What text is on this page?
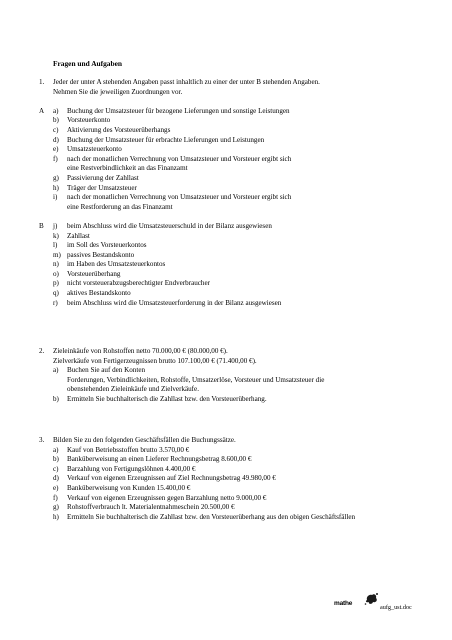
Fragen und Aufgaben
1.	Jeder der unter A stehenden Angaben passt inhaltlich zu einer der unter B stehenden Angaben.
Nehmen Sie die jeweiligen Zuordnungen vor.
A	a)	Buchung der Umsatzsteuer für bezogene Lieferungen und sonstige Leistungen
b)	Vorsteuerkonto
c)	Aktivierung des Vorsteuerüberhangs
d)	Buchung der Umsatzsteuer für erbrachte Lieferungen und Leistungen
e)	Umsatzsteuerkonto
f)	nach der monatlichen Verrechnung von Umsatzsteuer und Vorsteuer ergibt sich
eine Restverbindlichkeit an das Finanzamt
g)	Passivierung der Zahllast
h)	Träger der Umsatzsteuer
i)	nach der monatlichen Verrechnung von Umsatzsteuer und Vorsteuer ergibt sich
eine Restforderung an das Finanzamt
B	j)	beim Abschluss wird die Umsatzsteuerschuld in der Bilanz ausgewiesen
k)	Zahllast
l)	im Soll des Vorsteuerkontos
m) passives Bestandskonto
n)	im Haben des Umsatzsteuerkontos
o)	Vorsteuerüberhang
p)	nicht vorsteuerabzugsberechtigter Endverbraucher
q)	aktives Bestandskonto
r)	beim Abschluss wird die Umsatzsteuerforderung in der Bilanz ausgewiesen
2.	Zieleinkäufe von Rohstoffen netto 70.000,00 € (80.000,00 €).
Zielverkäufe von Fertigerzeugnissen brutto 107.100,00 € (71.400,00 €).
a)	Buchen Sie auf den Konten
Forderungen, Verbindlichkeiten, Rohstoffe, Umsatzerlöse, Vorsteuer und Umsatzsteuer die
obenstehenden Zieleinkäufe und Zielverkäufe.
b)	Ermitteln Sie buchhalterisch die Zahllast bzw. den Vorsteuerüberhang.
3.	Bilden Sie zu den folgenden Geschäftsfällen die Buchungssätze.
a)	Kauf von Betriebsstoffen brutto 3.570,00 €
b)	Banküberweisung an einen Lieferer Rechnungsbetrag 8.600,00 €
c)	Barzahlung von Fertigungslöhnen 4.400,00 €
d)	Verkauf von eigenen Erzeugnissen auf Ziel Rechnungsbetrag 49.980,00 €
e)	Banküberweisung von Kunden 15.400,00 €
f)	Verkauf von eigenen Erzeugnissen gegen Barzahlung netto 9.000,00 €
g)	Rohstoffverbrauch lt. Materialentnahmeschein 20.500,00 €
h)	Ermitteln Sie buchhalterisch die Zahllast bzw. den Vorsteuerüberhang aus den obigen Geschäftsfällen
mathe
aufg_ust.doc
